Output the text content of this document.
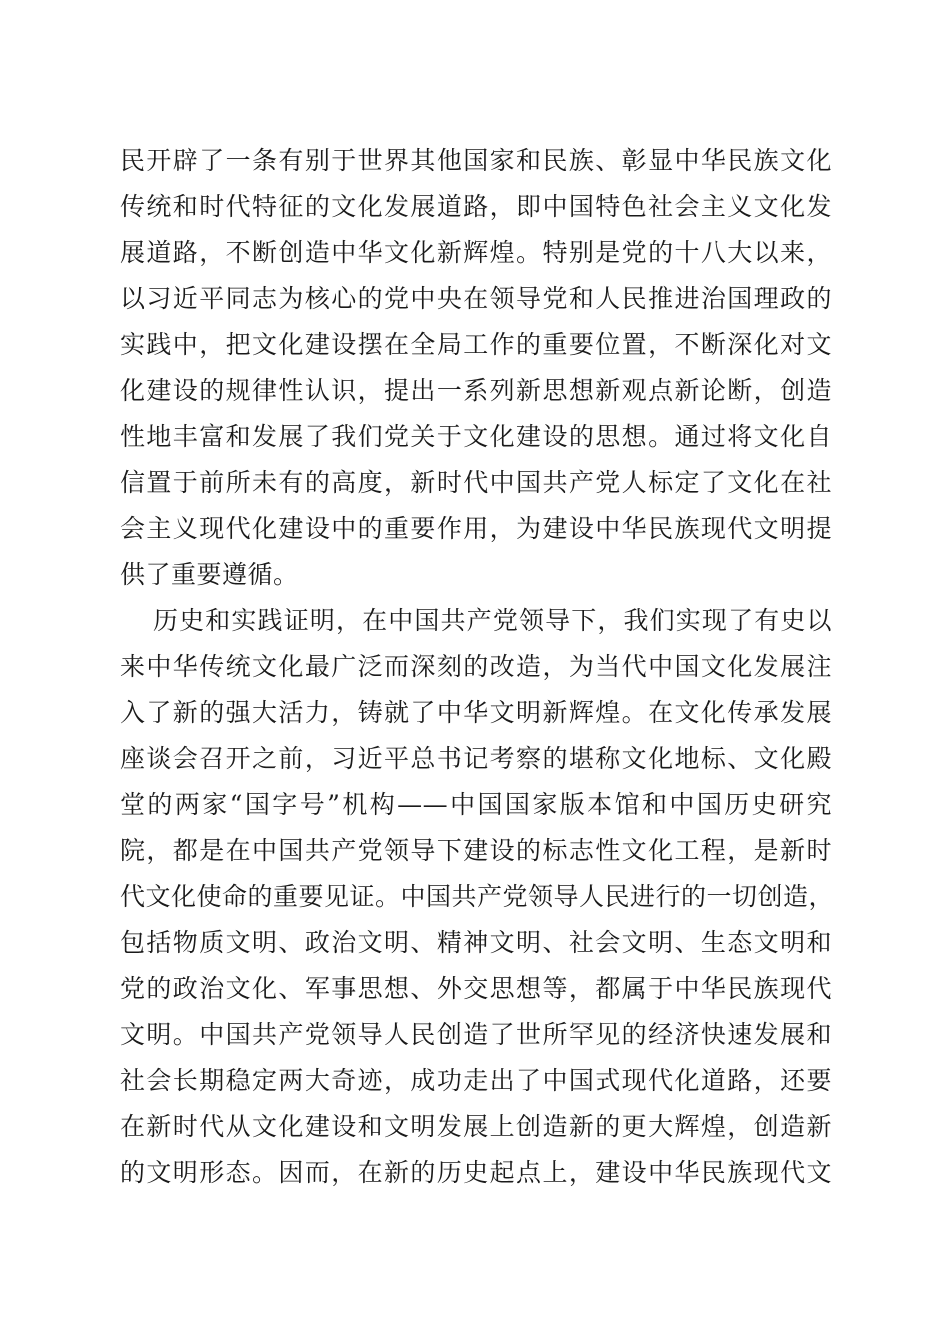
民开辟了一条有别于世界其他国家和民族、彰显中华民族文化
传统和时代特征的文化发展道路，即中国特色社会主义文化发
展道路，不断创造中华文化新辉煌。特别是党的十八大以来，
以习近平同志为核心的党中央在领导党和人民推进治国理政的
实践中，把文化建设摆在全局工作的重要位置，不断深化对文
化建设的规律性认识，提出一系列新思想新观点新论断，创造
性地丰富和发展了我们党关于文化建设的思想。通过将文化自
信置于前所未有的高度，新时代中国共产党人标定了文化在社
会主义现代化建设中的重要作用，为建设中华民族现代文明提
供了重要遵循。
历史和实践证明，在中国共产党领导下，我们实现了有史以
来中华传统文化最广泛而深刻的改造，为当代中国文化发展注
入了新的强大活力，铸就了中华文明新辉煌。在文化传承发展
座谈会召开之前，习近平总书记考察的堪称文化地标、文化殿
堂的两家“国字号”机构——中国国家版本馆和中国历史研究
院，都是在中国共产党领导下建设的标志性文化工程，是新时
代文化使命的重要见证。中国共产党领导人民进行的一切创造，
包括物质文明、政治文明、精神文明、社会文明、生态文明和
党的政治文化、军事思想、外交思想等，都属于中华民族现代
文明。中国共产党领导人民创造了世所罕见的经济快速发展和
社会长期稳定两大奇迹，成功走出了中国式现代化道路，还要
在新时代从文化建设和文明发展上创造新的更大辉煌，创造新
的文明形态。因而，在新的历史起点上，建设中华民族现代文
